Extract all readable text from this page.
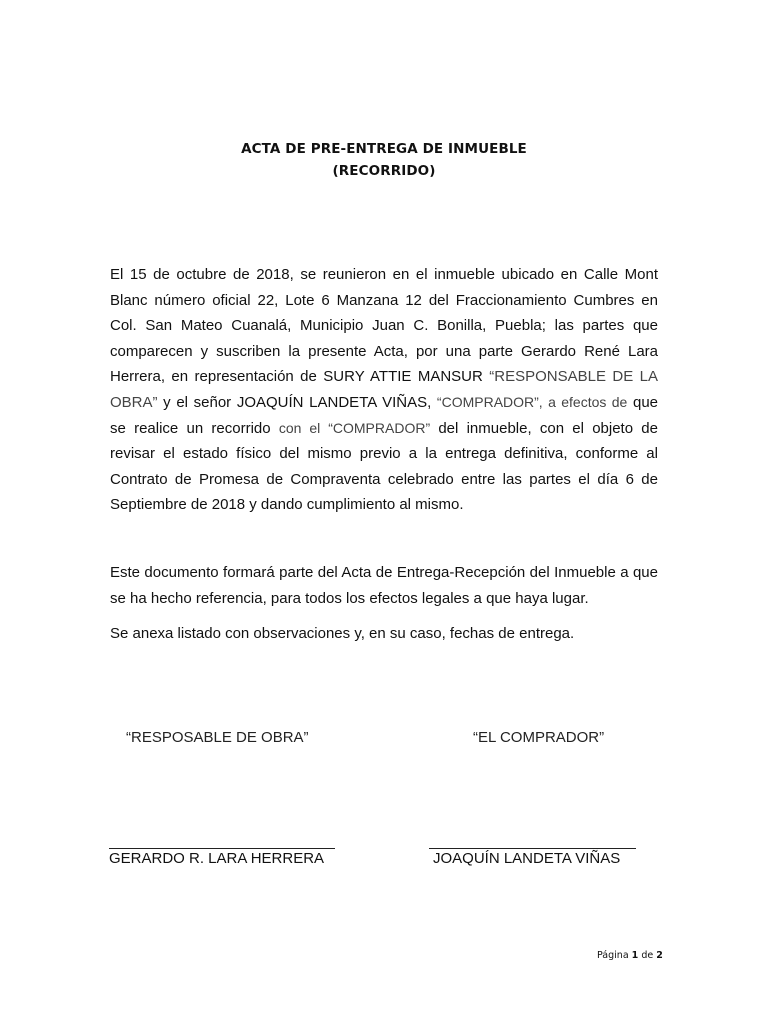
ACTA DE PRE-ENTREGA DE INMUEBLE
(RECORRIDO)

El 15 de octubre de 2018, se reunieron en el inmueble ubicado en Calle Mont Blanc número oficial 22, Lote 6 Manzana 12 del Fraccionamiento Cumbres en Col. San Mateo Cuanalá, Municipio Juan C. Bonilla, Puebla; las partes que comparecen y suscriben la presente Acta, por una parte Gerardo René Lara Herrera, en representación de SURY ATTIE MANSUR “RESPONSABLE DE LA OBRA” y el señor JOAQUÍN LANDETA VIÑAS, “COMPRADOR”, a efectos de que se realice un recorrido con el “COMPRADOR” del inmueble, con el objeto de revisar el estado físico del mismo previo a la entrega definitiva, conforme al Contrato de Promesa de Compraventa celebrado entre las partes el día 6 de Septiembre de 2018 y dando cumplimiento al mismo.

Este documento formará parte del Acta de Entrega-Recepción del Inmueble a que se ha hecho referencia, para todos los efectos legales a que haya lugar.

Se anexa listado con observaciones y, en su caso, fechas de entrega.

“RESPOSABLE DE OBRA”	“EL COMPRADOR”
GERARDO R. LARA HERRERA	JOAQUÍN LANDETA VIÑAS
Página 1 de 2
